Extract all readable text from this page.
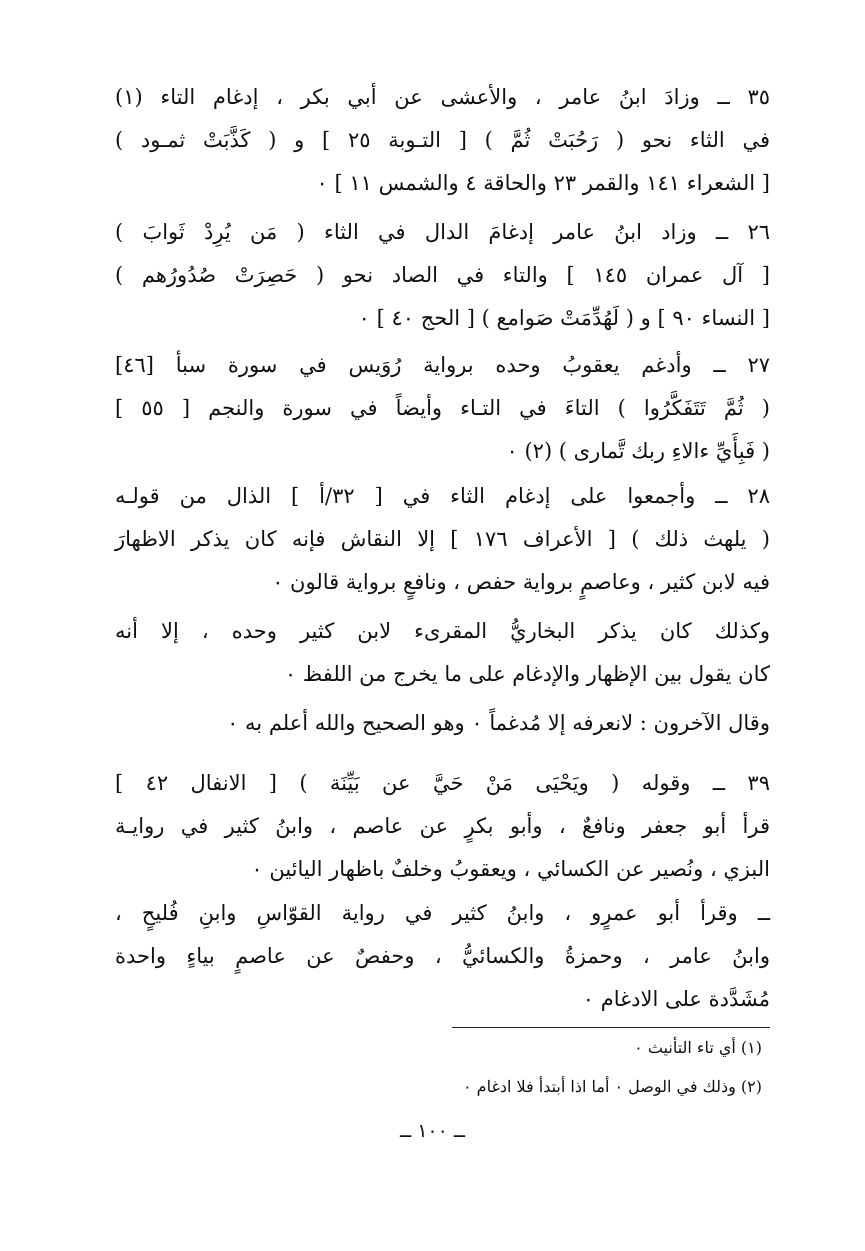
٣٥ ــ وزادَ ابنُ عامر ، والأعشى عن أبي بكر ، إدغام التاء (١)
في الثاء نحو ( رَحُبَتْ ثُمَّ ) [ التـوبة ٢٥ ] و ( كَذَّبَتْ ثمـود )
[ الشعراء ١٤١ والقمر ٢٣ والحاقة ٤ والشمس ١١ ] ٠
٢٦ ــ وزاد ابنُ عامر إدغامَ الدال في الثاء ( مَن يُرِدْ ثَوابَ )
[ آل عمران ١٤٥ ] والتاء في الصاد نحو ( حَصِرَتْ صُدُورُهم )
[ النساء ٩٠ ] و ( لَهُدِّمَتْ صَوامع ) [ الحج ٤٠ ] ٠
٢٧ ــ وأدغم يعقوبُ وحده برواية رُوَيس في سورة سبأ [٤٦]
( ثُمَّ تَتَفَكَّرُوا ) التاءَ في التـاء وأيضاً في سورة والنجم [ ٥٥ ]
( فَبِأَيِّ ءالاءِ ربك تَّمارى ) (٢) ٠
٢٨ ــ وأجمعوا على إدغام الثاء في [ ٣٢/أ ] الذال من قولـه
( يلهث ذلك ) [ الأعراف ١٧٦ ] إلا النقاش فإنه كان يذكر الاظهارَ
فيه لابن كثير ، وعاصمٍ برواية حفص ، ونافعٍ برواية قالون ٠
وكذلك كان يذكر البخاريُّ المقرىء لابن كثير وحده ، إلا أنه
كان يقول بين الإظهار والإدغام على ما يخرج من اللفظ ٠
وقال الآخرون : لانعرفه إلا مُدغماً ٠ وهو الصحيح والله أعلم به ٠
٣٩ ــ وقوله ( ويَحْيَى مَنْ حَيَّ عن بَيِّنَة ) [ الانفال ٤٢ ]
قرأ أبو جعفر ونافعٌ ، وأبو بكرٍ عن عاصم ، وابنُ كثير في روايـة
البزي ، ونُصير عن الكسائي ، ويعقوبُ وخلفٌ باظهار اليائين ٠
ــ وقرأ أبو عمرٍو ، وابنُ كثير في رواية القوّاسِ وابنِ فُليحٍ ،
وابنُ عامر ، وحمزةُ والكسائيُّ ، وحفصٌ عن عاصمٍ بياءٍ واحدة
مُشَدَّدة على الادغام ٠
(١) أي تاء التأنيث ٠
(٢) وذلك في الوصل ٠ أما اذا أبتدأ فلا ادغام ٠
ــ ١٠٠ ــ
